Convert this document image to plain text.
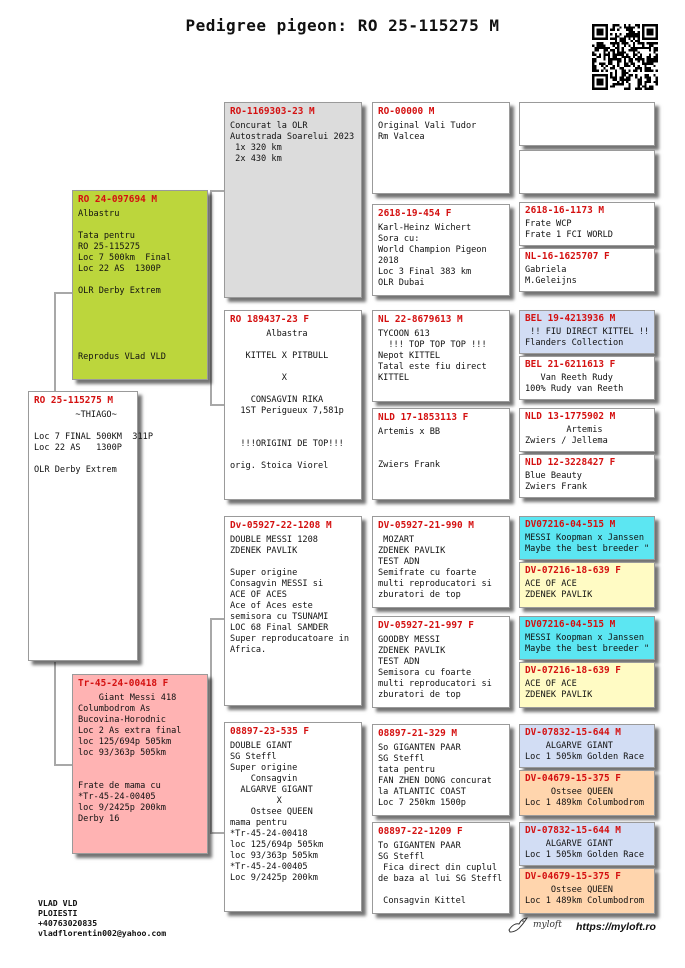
Pedigree pigeon: RO 25-115275 M
RO 25-115275 M
~THIAGO~

Loc 7 FINAL 500KM  311P
Loc 22 AS   1300P

OLR Derby Extrem
RO 24-097694 M
Albastru

Tata pentru
RO 25-115275
Loc 7 500km  Final
Loc 22 AS  1300P

OLR Derby Extrem

Reprodus VLad VLD
Tr-45-24-00418 F
Giant Messi 418
Columbodrom As
Bucovina-Horodnic
Loc 2 As extra final
loc 125/694p 505km
loc 93/363p 505km

Frate de mama cu
*Tr-45-24-00405
loc 9/2425p 200km
Derby 16
RO-1169303-23 M
Concurat la OLR
Autostrada Soarelui 2023
1x 320 km
2x 430 km
RO 189437-23 F
Albastra

KITTEL X PITBULL

X

CONSAGVIN RIKA
1ST Perigueux 7,581p

!!!ORIGINI DE TOP!!!

orig. Stoica Viorel
Dv-05927-22-1208 M
DOUBLE MESSI 1208
ZDENEK PAVLIK

Super origine
Consagvin MESSI si
ACE OF ACES
Ace of Aces este
semisora cu TSUNAMI
LOC 68 Final SAMDER
Super reproducatoare in
Africa.
08897-23-535 F
DOUBLE GIANT
SG Steffl
Super origine
Consagvin
ALGARVE GIGANT
X
Ostsee QUEEN
mama pentru
*Tr-45-24-00418
loc 125/694p 505km
loc 93/363p 505km
*Tr-45-24-00405
Loc 9/2425p 200km
RO-00000 M
Original Vali Tudor
Rm Valcea
2618-19-454 F
Karl-Heinz Wichert
Sora cu:
World Champion Pigeon
2018
Loc 3 Final 383 km
OLR Dubai
NL 22-8679613 M
TYCOON 613
!!! TOP TOP TOP !!!
Nepot KITTEL
Tatal este fiu direct
KITTEL
NLD 17-1853113 F
Artemis x BB

Zwiers Frank
DV-05927-21-990 M
MOZART
ZDENEK PAVLIK
TEST ADN
Semifrate cu foarte
multi reproducatori si
zburatori de top
DV-05927-21-997 F
GOODBY MESSI
ZDENEK PAVLIK
TEST ADN
Semisora cu foarte
multi reproducatori si
zburatori de top
08897-21-329 M
So GIGANTEN PAAR
SG Steffl
tata pentru
FAN ZHEN DONG concurat
la ATLANTIC COAST
Loc 7 250km 1500p
08897-22-1209 F
To GIGANTEN PAAR
SG Steffl
Fica direct din cuplul
de baza al lui SG Steffl

Consagvin Kittel
2618-16-1173 M
Frate WCP
Frate 1 FCI WORLD
NL-16-1625707 F
Gabriela
M.Geleijns
BEL 19-4213936 M
!! FIU DIRECT KITTEL !!
Flanders Collection
BEL 21-6211613 F
Van Reeth Rudy
100% Rudy van Reeth
NLD 13-1775902 M
Artemis
Zwiers / Jellema
NLD 12-3228427 F
Blue Beauty
Zwiers Frank
DV07216-04-515 M
MESSI Koopman x Janssen
Maybe the best breeder "
DV-07216-18-639 F
ACE OF ACE
ZDENEK PAVLIK
DV07216-04-515 M
MESSI Koopman x Janssen
Maybe the best breeder "
DV-07216-18-639 F
ACE OF ACE
ZDENEK PAVLIK
DV-07832-15-644 M
ALGARVE GIANT
Loc 1 505km Golden Race
DV-04679-15-375 F
Ostsee QUEEN
Loc 1 489km Columbodrom
DV-07832-15-644 M
ALGARVE GIANT
Loc 1 505km Golden Race
DV-04679-15-375 F
Ostsee QUEEN
Loc 1 489km Columbodrom
VLAD VLD
PLOIESTI
+40763020835
vladflorentin002@yahoo.com
myloft https://myloft.ro
